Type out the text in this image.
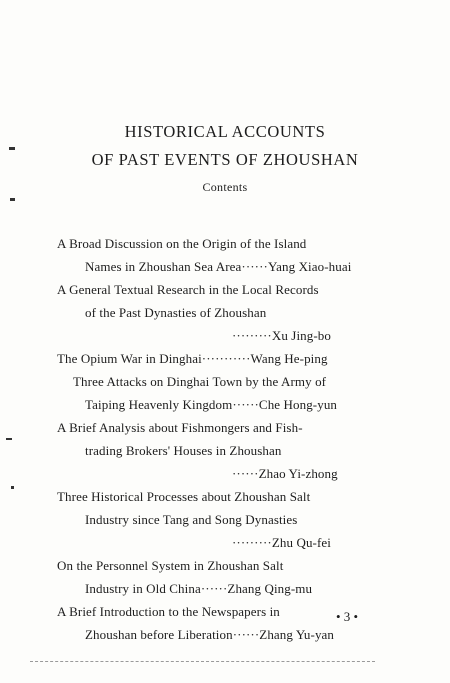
HISTORICAL ACCOUNTS
OF PAST EVENTS OF ZHOUSHAN
Contents
A Broad Discussion on the Origin of the Island
Names in Zhoushan Sea Area······Yang Xiao-huai
A General Textual Research in the Local Records
of the Past Dynasties of Zhoushan
·········Xu Jing-bo
The Opium War in Dinghai···········Wang He-ping
Three Attacks on Dinghai Town by the Army of
Taiping Heavenly Kingdom······Che Hong-yun
A Brief Analysis about Fishmongers and Fish-
trading Brokers' Houses in Zhoushan
······Zhao Yi-zhong
Three Historical Processes about Zhoushan Salt
Industry since Tang and Song Dynasties
·········Zhu Qu-fei
On the Personnel System in Zhoushan Salt
Industry in Old China······Zhang Qing-mu
A Brief Introduction to the Newspapers in
Zhoushan before Liberation······Zhang Yu-yan
• 3 •
